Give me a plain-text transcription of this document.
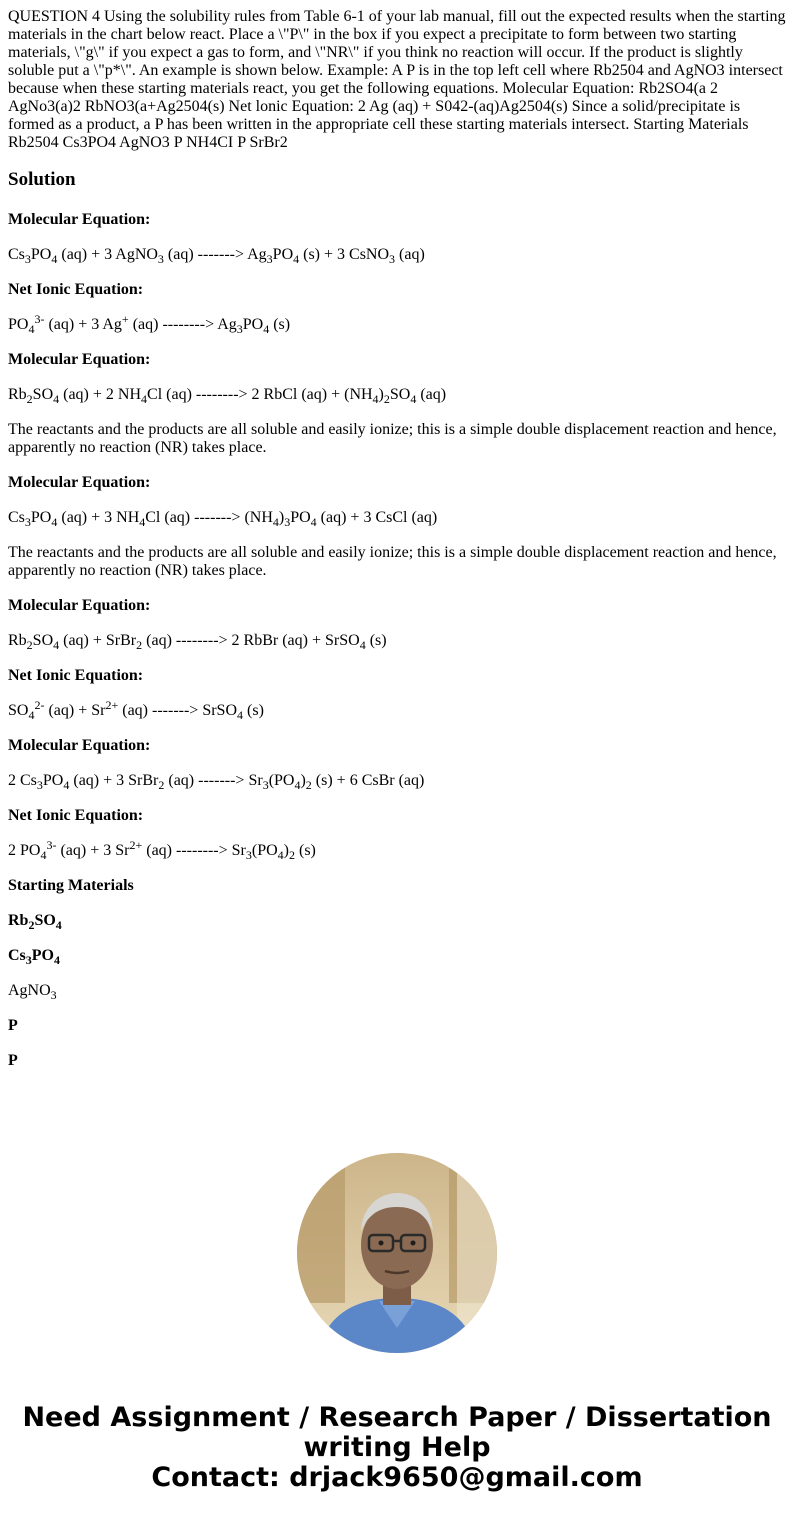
QUESTION 4 Using the solubility rules from Table 6-1 of your lab manual, fill out the expected results when the starting materials in the chart below react. Place a \"P\" in the box if you expect a precipitate to form between two starting materials, \"g\" if you expect a gas to form, and \"NR\" if you think no reaction will occur. If the product is slightly soluble put a \"p*\". An example is shown below. Example: A P is in the top left cell where Rb2504 and AgNO3 intersect because when these starting materials react, you get the following equations. Molecular Equation: Rb2SO4(a 2 AgNo3(a)2 RbNO3(a+Ag2504(s) Net lonic Equation: 2 Ag (aq) + S042-(aq)Ag2504(s) Since a solid/precipitate is formed as a product, a P has been written in the appropriate cell these starting materials intersect. Starting Materials Rb2504 Cs3PO4 AgNO3 P NH4CI P SrBr2

Solution

Molecular Equation:

$Cs_3PO_4$ (aq) + 3 AgNO$_3$ (aq) -------> $Ag_3PO_4$ (s) + 3 CsNO$_3$ (aq)

Net Ionic Equation:

$PO_4^{3-}$ (aq) + 3 Ag+ (aq) --------> $Ag_3PO_4$ (s)

Molecular Equation:

$Rb_2SO_4$ (aq) + 2 $NH_4Cl$ (aq) --------> 2 RbCl $(aq) + (NH_4)_2SO_4$ (aq)

The reactants and the products are all soluble and easily ionize; this is a simple double displacement reaction and hence, apparently no reaction (NR) takes place.

Molecular Equation:

$Cs_3PO_4$ (aq) + 3 $NH_4Cl$ (aq) -------> $(NH_4)_3PO_4$ (aq) + 3 CsCl (aq)

The reactants and the products are all soluble and easily ionize; this is a simple double displacement reaction and hence, apparently no reaction (NR) takes place.

Molecular Equation:

$Rb_2SO_4$ (aq) + SrBr$_2$ (aq) --------> 2 RbBr (aq) + SrSO$_4$ (s)

Net Ionic Equation:

$SO_4^{2-}$ $(aq) + Sr^{2+}$ (aq) -------> SrSO$_4$ (s)

Molecular Equation:

2 $Cs_3PO_4$ (aq) + 3 SrBr$_2$ (aq) -------> $Sr_3(PO_4)_2$ (s) + 6 CsBr (aq)

Net Ionic Equation:

2 $PO_4^{3-}$ (aq) + 3 $Sr^{2+}$ (aq) --------> $Sr_3(PO_4)_2$ (s)

Starting Materials

$Rb_2SO_4$

$Cs_3PO_4$

AgNO$_3$

P

P

Need Assignment / Research Paper / Dissertation
writing Help
Contact: drjack9650@gmail.com
